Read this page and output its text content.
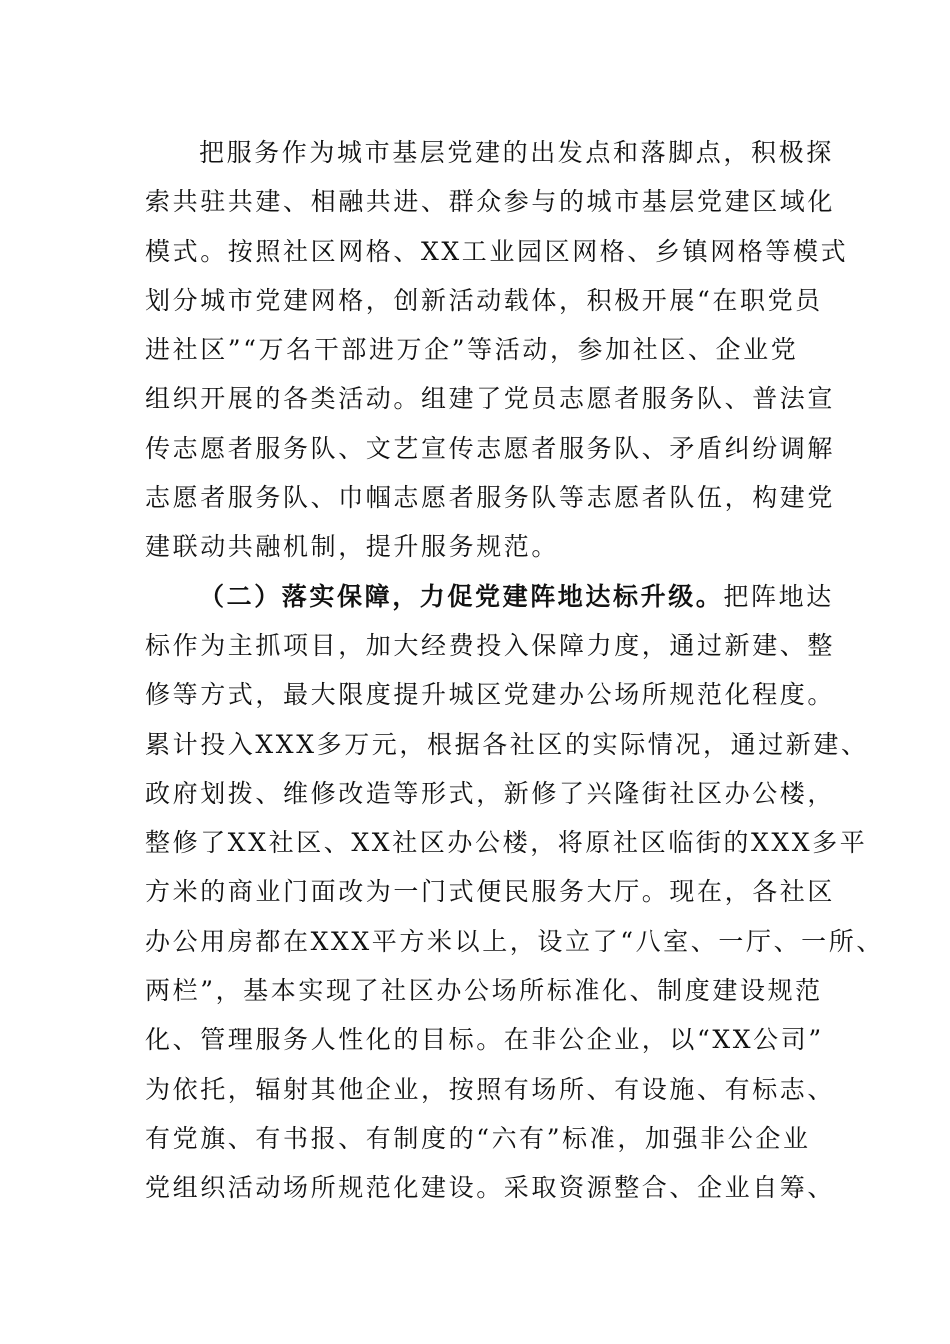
把服务作为城市基层党建的出发点和落脚点，积极探
索共驻共建、相融共进、群众参与的城市基层党建区域化
模式。按照社区网格、XX工业园区网格、乡镇网格等模式
划分城市党建网格，创新活动载体，积极开展“在职党员
进社区”“万名干部进万企”等活动，参加社区、企业党
组织开展的各类活动。组建了党员志愿者服务队、普法宣
传志愿者服务队、文艺宣传志愿者服务队、矛盾纠纷调解
志愿者服务队、巾帼志愿者服务队等志愿者队伍，构建党
建联动共融机制，提升服务规范。
（二）落实保障，力促党建阵地达标升级。把阵地达
标作为主抓项目，加大经费投入保障力度，通过新建、整
修等方式，最大限度提升城区党建办公场所规范化程度。
累计投入XXX多万元，根据各社区的实际情况，通过新建、
政府划拨、维修改造等形式，新修了兴隆街社区办公楼，
整修了XX社区、XX社区办公楼，将原社区临街的XXX多平
方米的商业门面改为一门式便民服务大厅。现在，各社区
办公用房都在XXX平方米以上，设立了“八室、一厅、一所、
两栏”，基本实现了社区办公场所标准化、制度建设规范
化、管理服务人性化的目标。在非公企业，以“XX公司”
为依托，辐射其他企业，按照有场所、有设施、有标志、
有党旗、有书报、有制度的“六有”标准，加强非公企业
党组织活动场所规范化建设。采取资源整合、企业自筹、
